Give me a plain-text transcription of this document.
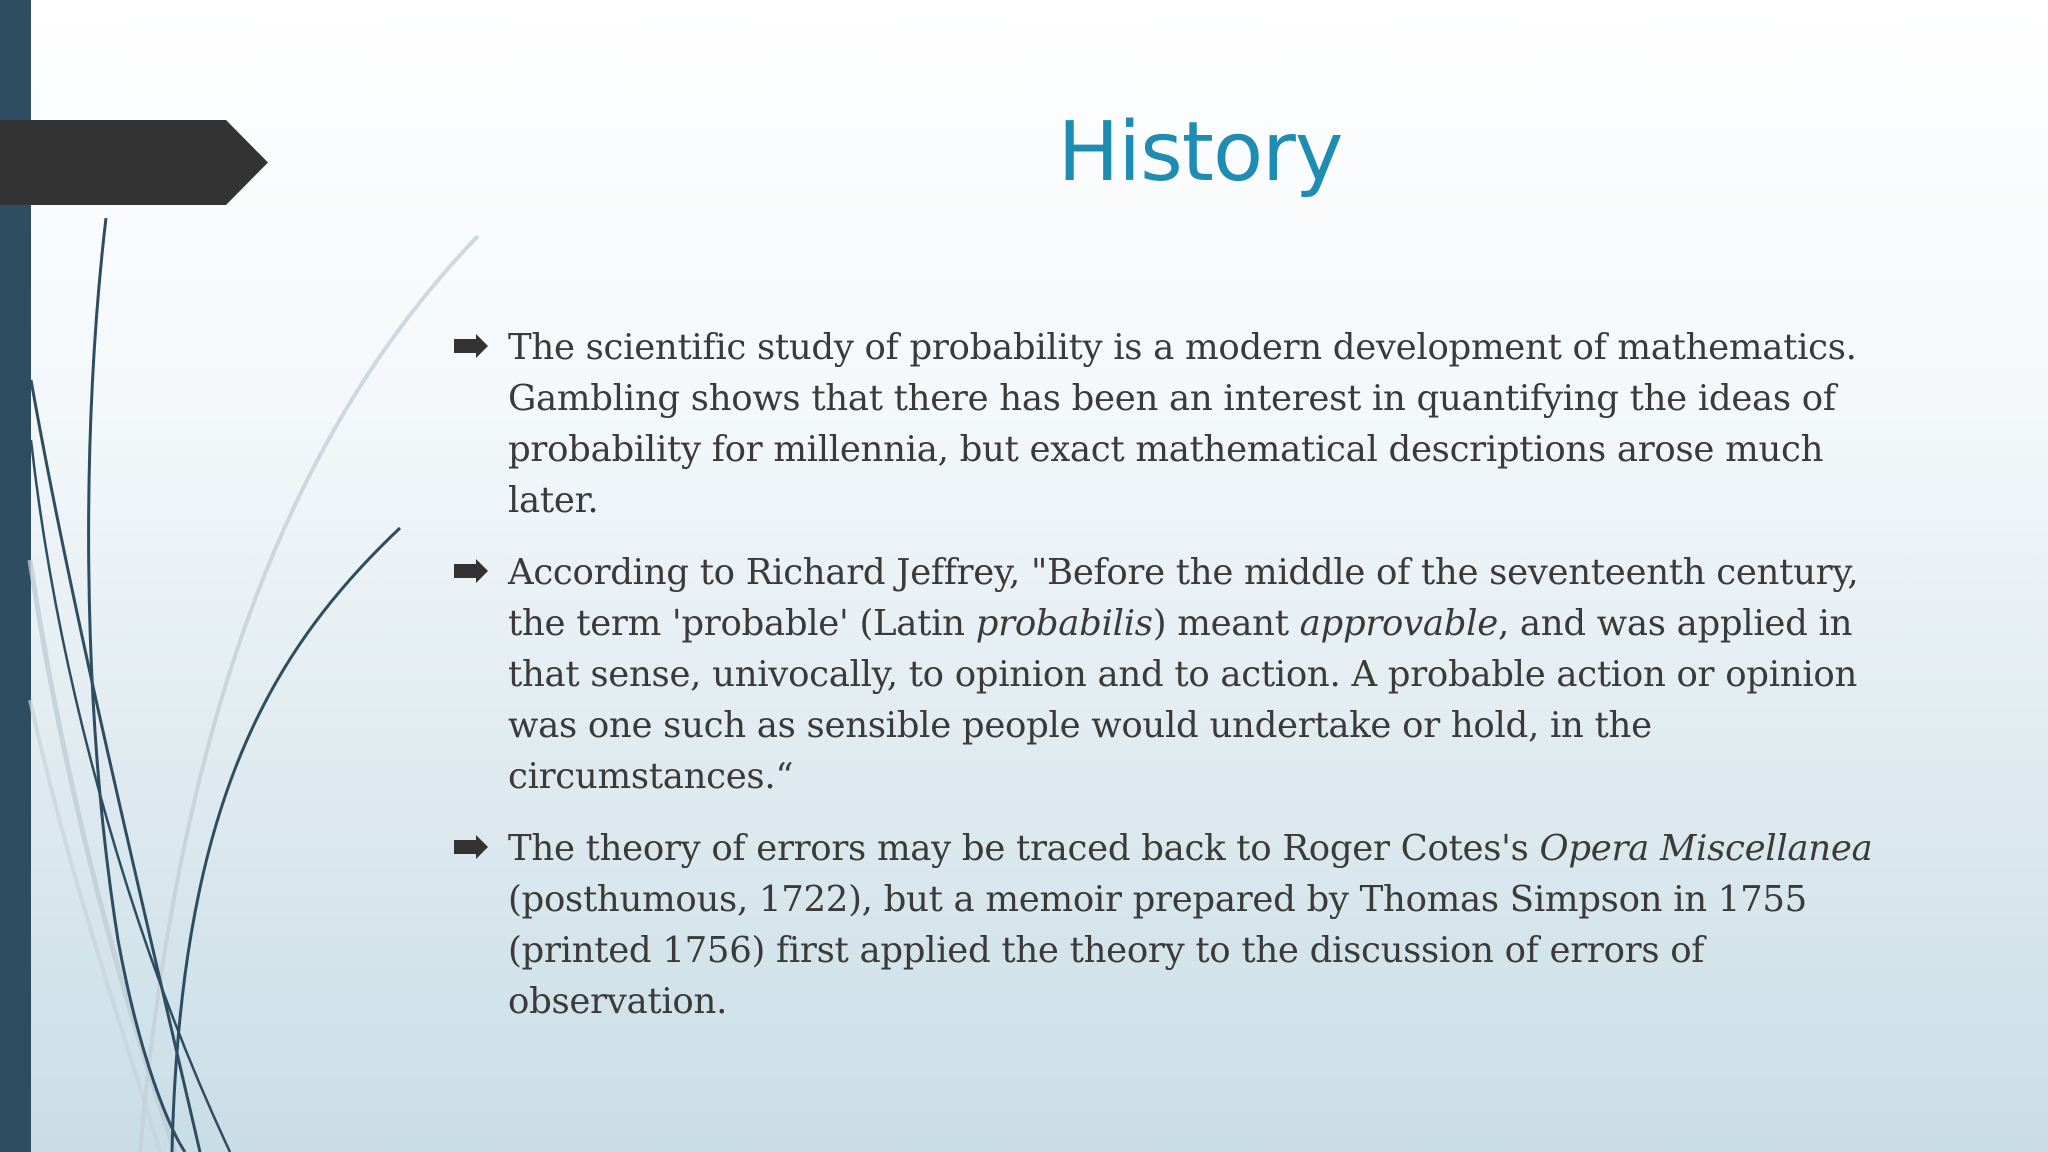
History

The scientific study of probability is a modern development of mathematics. Gambling shows that there has been an interest in quantifying the ideas of probability for millennia, but exact mathematical descriptions arose much later.

According to Richard Jeffrey, "Before the middle of the seventeenth century, the term 'probable' (Latin probabilis) meant approvable, and was applied in that sense, univocally, to opinion and to action. A probable action or opinion was one such as sensible people would undertake or hold, in the circumstances.“

The theory of errors may be traced back to Roger Cotes's Opera Miscellanea (posthumous, 1722), but a memoir prepared by Thomas Simpson in 1755 (printed 1756) first applied the theory to the discussion of errors of observation.
